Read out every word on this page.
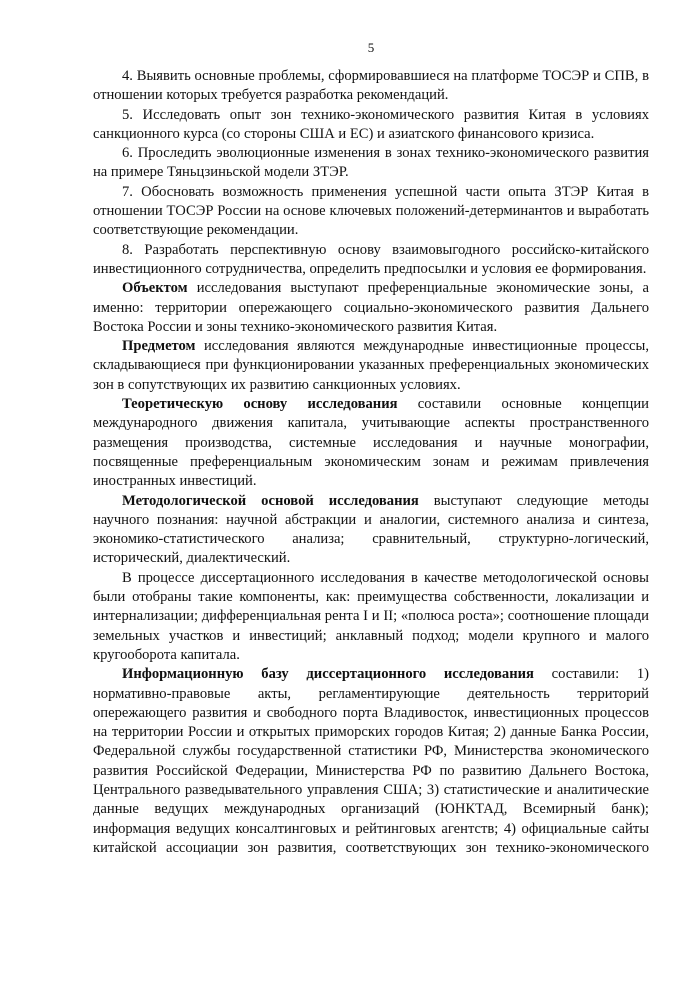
5

4. Выявить основные проблемы, сформировавшиеся на платформе ТОСЭР и СПВ, в отношении которых требуется разработка рекомендаций.

5. Исследовать опыт зон технико-экономического развития Китая в условиях санкционного курса (со стороны США и ЕС) и азиатского финансового кризиса.

6. Проследить эволюционные изменения в зонах технико-экономического развития на примере Тяньцзиньской модели ЗТЭР.

7. Обосновать возможность применения успешной части опыта ЗТЭР Китая в отношении ТОСЭР России на основе ключевых положений-детерминантов и выработать соответствующие рекомендации.

8. Разработать перспективную основу взаимовыгодного российско-китайского инвестиционного сотрудничества, определить предпосылки и условия ее формирования.

Объектом исследования выступают преференциальные экономические зоны, а именно: территории опережающего социально-экономического развития Дальнего Востока России и зоны технико-экономического развития Китая.

Предметом исследования являются международные инвестиционные процессы, складывающиеся при функционировании указанных преференциальных экономических зон в сопутствующих их развитию санкционных условиях.

Теоретическую основу исследования составили основные концепции международного движения капитала, учитывающие аспекты пространственного размещения производства, системные исследования и научные монографии, посвященные преференциальным экономическим зонам и режимам привлечения иностранных инвестиций.

Методологической основой исследования выступают следующие методы научного познания: научной абстракции и аналогии, системного анализа и синтеза, экономико-статистического анализа; сравнительный, структурно-логический, исторический, диалектический.

В процессе диссертационного исследования в качестве методологической основы были отобраны такие компоненты, как: преимущества собственности, локализации и интернализации; дифференциальная рента I и II; «полюса роста»; соотношение площади земельных участков и инвестиций; анклавный подход; модели крупного и малого кругооборота капитала.

Информационную базу диссертационного исследования составили: 1) нормативно-правовые акты, регламентирующие деятельность территорий опережающего развития и свободного порта Владивосток, инвестиционных процессов на территории России и открытых приморских городов Китая; 2) данные Банка России, Федеральной службы государственной статистики РФ, Министерства экономического развития Российской Федерации, Министерства РФ по развитию Дальнего Востока, Центрального разведывательного управления США; 3) статистические и аналитические данные ведущих международных организаций (ЮНКТАД, Всемирный банк); информация ведущих консалтинговых и рейтинговых агентств; 4) официальные сайты китайской ассоциации зон развития, соответствующих зон технико-экономического
